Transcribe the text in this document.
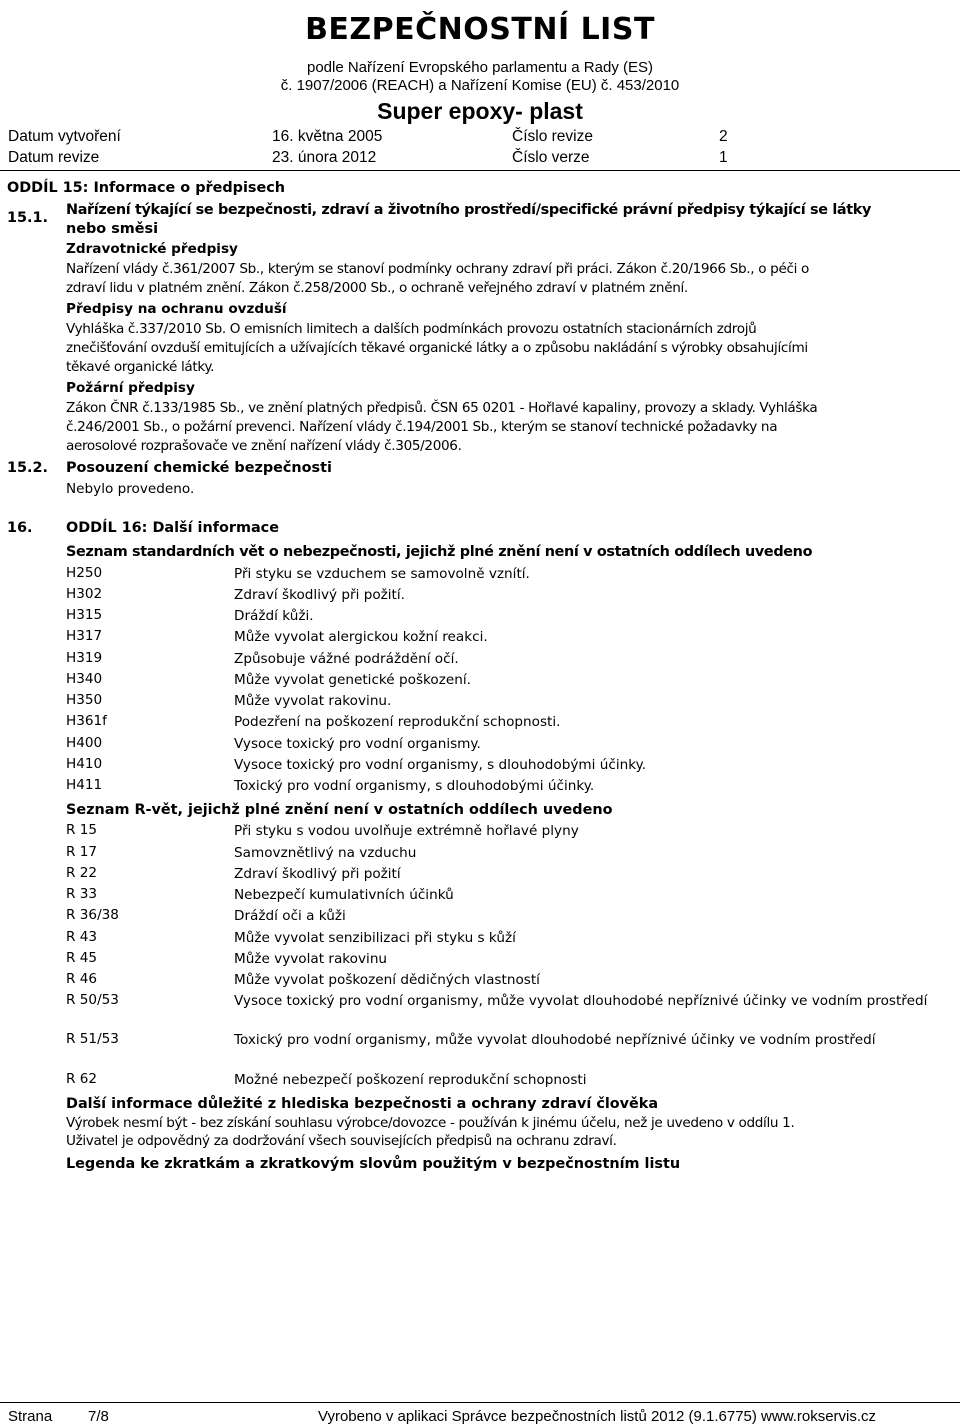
BEZPEČNOSTNÍ LIST
podle Nařízení Evropského parlamentu a Rady (ES)
č. 1907/2006 (REACH) a Nařízení Komise (EU) č. 453/2010
Super epoxy- plast
Datum vytvoření	16. května 2005	Číslo revize	2
Datum revize	23. února 2012	Číslo verze	1
ODDÍL 15: Informace o předpisech
15.1. Nařízení týkající se bezpečnosti, zdraví a životního prostředí/specifické právní předpisy týkající se látky
nebo směsi
Zdravotnické předpisy
Nařízení vlády č.361/2007 Sb., kterým se stanoví podmínky ochrany zdraví při práci. Zákon č.20/1966 Sb., o péči o
zdraví lidu v platném znění. Zákon č.258/2000 Sb., o ochraně veřejného zdraví v platném znění.
Předpisy na ochranu ovzduší
Vyhláška č.337/2010 Sb. O emisních limitech a dalších podmínkách provozu ostatních stacionárních zdrojů
znečišťování ovzduší emitujících a užívajících těkavé organické látky a o způsobu nakládání s výrobky obsahujícími
těkavé organické látky.
Požární předpisy
Zákon ČNR č.133/1985 Sb., ve znění platných předpisů. ČSN 65 0201 - Hořlavé kapaliny, provozy a sklady. Vyhláška
č.246/2001 Sb., o požární prevenci. Nařízení vlády č.194/2001 Sb., kterým se stanoví technické požadavky na
aerosolové rozprašovače ve znění nařízení vlády č.305/2006.
15.2. Posouzení chemické bezpečnosti
Nebylo provedeno.
16. ODDÍL 16: Další informace
Seznam standardních vět o nebezpečnosti, jejichž plné znění není v ostatních oddílech uvedeno
H250	Při styku se vzduchem se samovolně vznítí.
H302	Zdraví škodlivý při požití.
H315	Dráždí kůži.
H317	Může vyvolat alergickou kožní reakci.
H319	Způsobuje vážné podráždění očí.
H340	Může vyvolat genetické poškození.
H350	Může vyvolat rakovinu.
H361f	Podezření na poškození reprodukční schopnosti.
H400	Vysoce toxický pro vodní organismy.
H410	Vysoce toxický pro vodní organismy, s dlouhodobými účinky.
H411	Toxický pro vodní organismy, s dlouhodobými účinky.
Seznam R-vět, jejichž plné znění není v ostatních oddílech uvedeno
R 15	Při styku s vodou uvolňuje extrémně hořlavé plyny
R 17	Samovznětlivý na vzduchu
R 22	Zdraví škodlivý při požití
R 33	Nebezpečí kumulativních účinků
R 36/38	Dráždí oči a kůži
R 43	Může vyvolat senzibilizaci při styku s kůží
R 45	Může vyvolat rakovinu
R 46	Může vyvolat poškození dědičných vlastností
R 50/53	Vysoce toxický pro vodní organismy, může vyvolat dlouhodobé nepříznivé účinky ve vodním prostředí
R 51/53	Toxický pro vodní organismy, může vyvolat dlouhodobé nepříznivé účinky ve vodním prostředí
R 62	Možné nebezpečí poškození reprodukční schopnosti
Další informace důležité z hlediska bezpečnosti a ochrany zdraví člověka
Výrobek nesmí být - bez získání souhlasu výrobce/dovozce - používán k jinému účelu, než je uvedeno v oddílu 1.
Uživatel je odpovědný za dodržování všech souvisejících předpisů na ochranu zdraví.
Legenda ke zkratkám a zkratkovým slovům použitým v bezpečnostním listu
Strana 7/8	Vyrobeno v aplikaci Správce bezpečnostních listů 2012 (9.1.6775) www.rokservis.cz
